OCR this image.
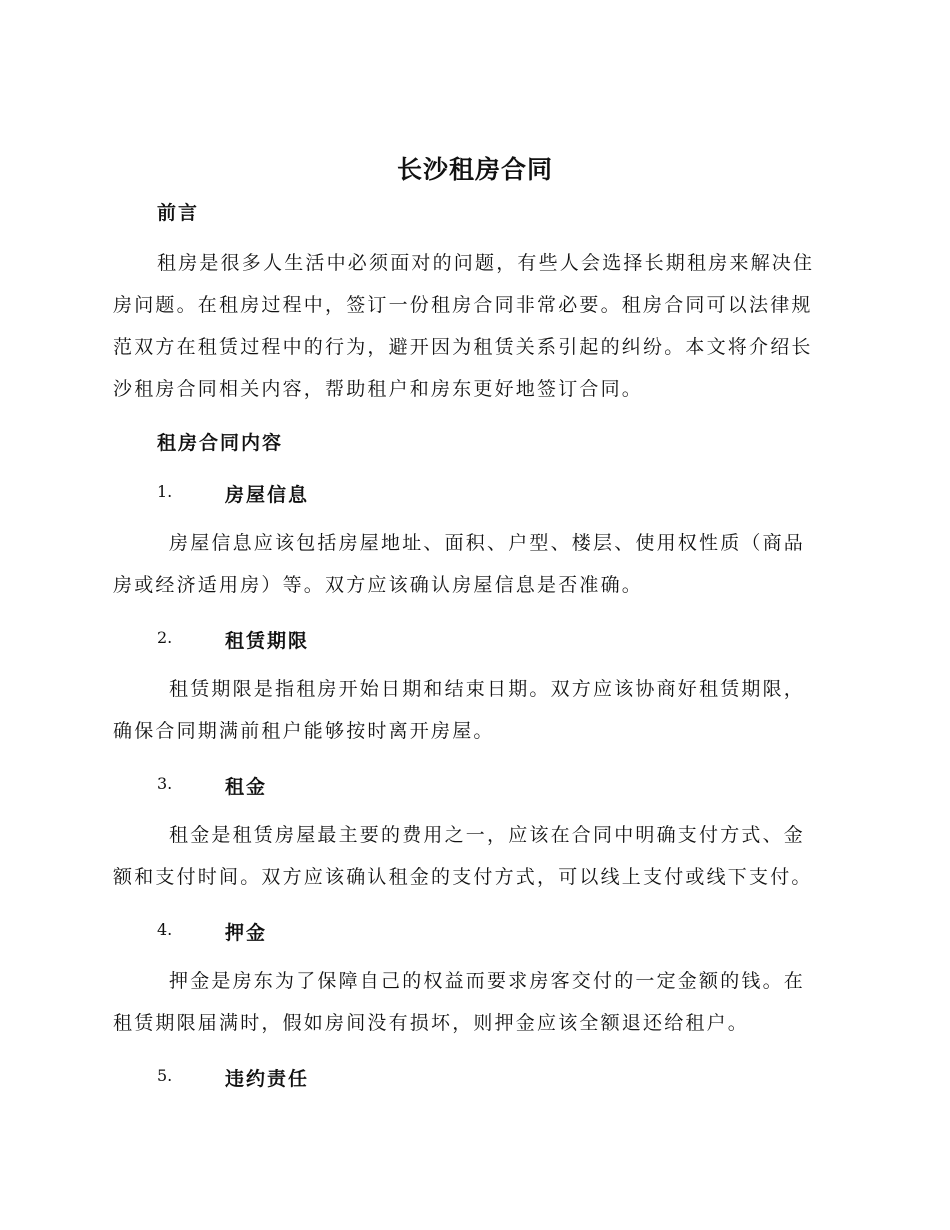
长沙租房合同
前言
租房是很多人生活中必须面对的问题，有些人会选择长期租房来解决住
房问题。在租房过程中，签订一份租房合同非常必要。租房合同可以法律规
范双方在租赁过程中的行为，避开因为租赁关系引起的纠纷。本文将介绍长
沙租房合同相关内容，帮助租户和房东更好地签订合同。
租房合同内容
1.	房屋信息
房屋信息应该包括房屋地址、面积、户型、楼层、使用权性质（商品
房或经济适用房）等。双方应该确认房屋信息是否准确。
2.	租赁期限
租赁期限是指租房开始日期和结束日期。双方应该协商好租赁期限，
确保合同期满前租户能够按时离开房屋。
3.	租金
租金是租赁房屋最主要的费用之一，应该在合同中明确支付方式、金
额和支付时间。双方应该确认租金的支付方式，可以线上支付或线下支付。
4.	押金
押金是房东为了保障自己的权益而要求房客交付的一定金额的钱。在
租赁期限届满时，假如房间没有损坏，则押金应该全额退还给租户。
5.	违约责任
